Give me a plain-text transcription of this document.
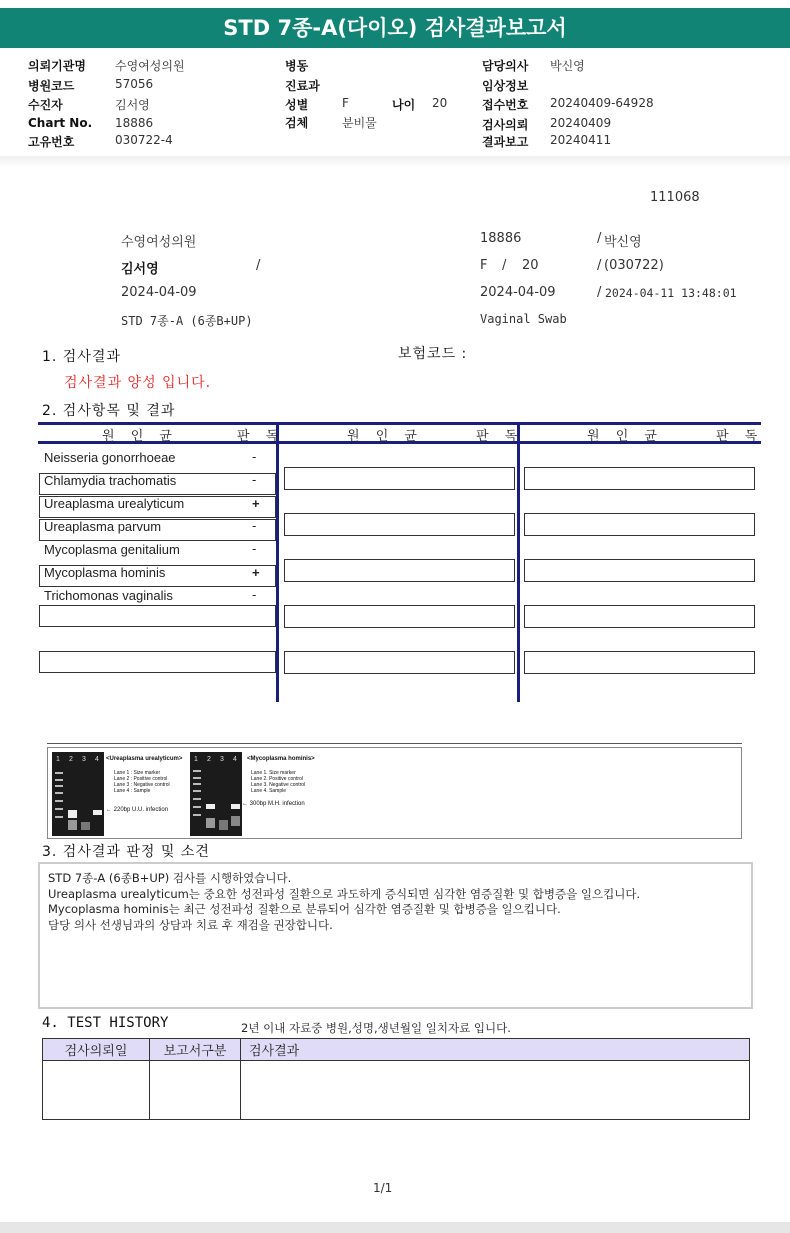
STD 7종-A(다이오) 검사결과보고서
의뢰기관명 수영여성의원
병원코드	57056
수진자	김서영
Chart No. 18886
고유번호	030722-4
병동
진료과
성별	F	나이 20
검체	분비물
담당의사 박신영
임상정보
접수번호 20240409-64928
검사의뢰 20240409
결과보고 20240411
111068
수영여성의원	18886	/ 박신영
김서영	/	F / 20	/ (030722)
2024-04-09	2024-04-09	/ 2024-04-11 13:48:01
STD 7종-A (6종B+UP)	Vaginal Swab
1. 검사결과	보험코드 :
검사결과 양성 입니다.
2. 검사항목 및 결과
원 인 균	판 독	원 인 균	판 독	원 인 균	판 독
Neisseria gonorrhoeae	-
Chlamydia trachomatis	-
Ureaplasma urealyticum	+
Ureaplasma parvum	-
Mycoplasma genitalium	-
Mycoplasma hominis	+
Trichomonas vaginalis	-
1 2 3 4 <Ureaplasma urealyticum>
Lane 1 : Size marker
Lane 2 : Positive control
Lane 3 : Negative control
Lane 4 : Sample
← 220bp U.U. infection
1 2 3 4 <Mycoplasma hominis>
Lane 1. Size marker
Lane 2. Positive control
Lane 3. Negative control
Lane 4. Sample
← 300bp M.H. infection
3. 검사결과 판정 및 소견
STD 7종-A (6종B+UP) 검사를 시행하였습니다.
Ureaplasma urealyticum는 중요한 성전파성 질환으로 과도하게 증식되면 심각한 염증질환 및 합병증을 일으킵니다.
Mycoplasma hominis는 최근 성전파성 질환으로 분류되어 심각한 염증질환 및 합병증을 일으킵니다.
담당 의사 선생님과의 상담과 치료 후 재검을 권장합니다.
4. TEST HISTORY	2년 이내 자료중 병원,성명,생년월일 일치자료 입니다.
검사의뢰일	보고서구분	검사결과

1/1
